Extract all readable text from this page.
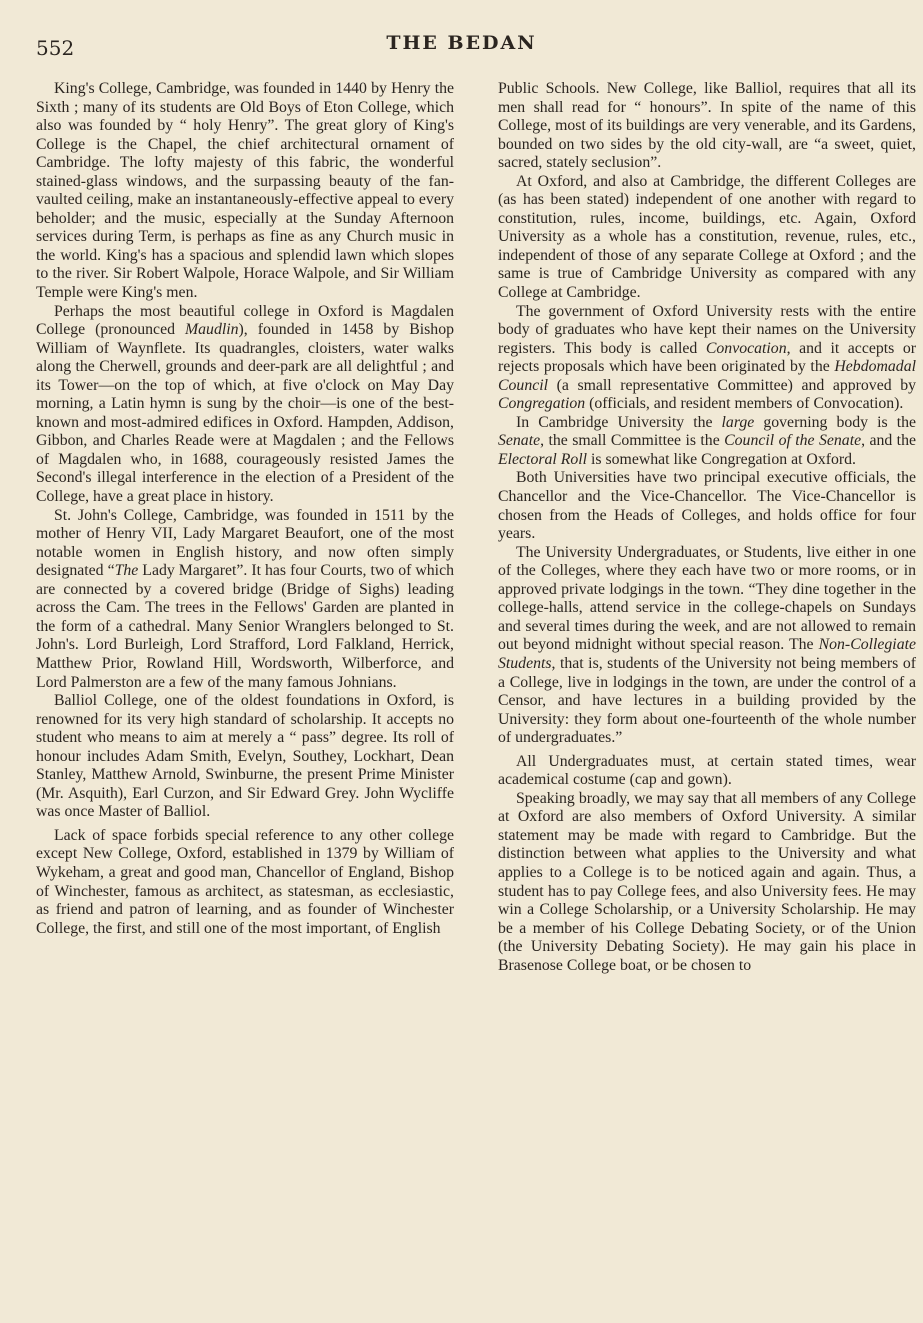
552	THE BEDAN

King's College, Cambridge, was founded in 1440 by Henry the Sixth ; many of its students are Old Boys of Eton College, which also was founded by “ holy Henry”. The great glory of King's College is the Chapel, the chief architectural ornament of Cambridge. The lofty majesty of this fabric, the wonderful stained-glass windows, and the surpassing beauty of the fan-vaulted ceiling, make an instantaneously-effective appeal to every beholder; and the music, especially at the Sunday Afternoon services during Term, is perhaps as fine as any Church music in the world. King's has a spacious and splendid lawn which slopes to the river. Sir Robert Walpole, Horace Walpole, and Sir William Temple were King's men.

Perhaps the most beautiful college in Oxford is Magdalen College (pronounced Maudlin), founded in 1458 by Bishop William of Waynflete. Its quadrangles, cloisters, water walks along the Cherwell, grounds and deer-park are all delightful ; and its Tower—on the top of which, at five o'clock on May Day morning, a Latin hymn is sung by the choir—is one of the best-known and most-admired edifices in Oxford. Hampden, Addison, Gibbon, and Charles Reade were at Magdalen ; and the Fellows of Magdalen who, in 1688, courageously resisted James the Second's illegal interference in the election of a President of the College, have a great place in history.

St. John's College, Cambridge, was founded in 1511 by the mother of Henry VII, Lady Margaret Beaufort, one of the most notable women in English history, and now often simply designated “The Lady Margaret”. It has four Courts, two of which are connected by a covered bridge (Bridge of Sighs) leading across the Cam. The trees in the Fellows' Garden are planted in the form of a cathedral. Many Senior Wranglers belonged to St. John's. Lord Burleigh, Lord Strafford, Lord Falkland, Herrick, Matthew Prior, Rowland Hill, Wordsworth, Wilberforce, and Lord Palmerston are a few of the many famous Johnians.

Balliol College, one of the oldest foundations in Oxford, is renowned for its very high standard of scholarship. It accepts no student who means to aim at merely a “ pass” degree. Its roll of honour includes Adam Smith, Evelyn, Southey, Lockhart, Dean Stanley, Matthew Arnold, Swinburne, the present Prime Minister (Mr. Asquith), Earl Curzon, and Sir Edward Grey. John Wycliffe was once Master of Balliol.

Lack of space forbids special reference to any other college except New College, Oxford, established in 1379 by William of Wykeham, a great and good man, Chancellor of England, Bishop of Winchester, famous as architect, as statesman, as ecclesiastic, as friend and patron of learning, and as founder of Winchester College, the first, and still one of the most important, of English

Public Schools. New College, like Balliol, requires that all its men shall read for “ honours”. In spite of the name of this College, most of its buildings are very venerable, and its Gardens, bounded on two sides by the old city-wall, are “a sweet, quiet, sacred, stately seclusion”.

At Oxford, and also at Cambridge, the different Colleges are (as has been stated) independent of one another with regard to constitution, rules, income, buildings, etc. Again, Oxford University as a whole has a constitution, revenue, rules, etc., independent of those of any separate College at Oxford ; and the same is true of Cambridge University as compared with any College at Cambridge.

The government of Oxford University rests with the entire body of graduates who have kept their names on the University registers. This body is called Convocation, and it accepts or rejects proposals which have been originated by the Hebdomadal Council (a small representative Committee) and approved by Congregation (officials, and resident members of Convocation).

In Cambridge University the large governing body is the Senate, the small Committee is the Council of the Senate, and the Electoral Roll is somewhat like Congregation at Oxford.

Both Universities have two principal executive officials, the Chancellor and the Vice-Chancellor. The Vice-Chancellor is chosen from the Heads of Colleges, and holds office for four years.

The University Undergraduates, or Students, live either in one of the Colleges, where they each have two or more rooms, or in approved private lodgings in the town. “They dine together in the college-halls, attend service in the college-chapels on Sundays and several times during the week, and are not allowed to remain out beyond midnight without special reason. The Non-Collegiate Students, that is, students of the University not being members of a College, live in lodgings in the town, are under the control of a Censor, and have lectures in a building provided by the University: they form about one-fourteenth of the whole number of undergraduates.”

All Undergraduates must, at certain stated times, wear academical costume (cap and gown).

Speaking broadly, we may say that all members of any College at Oxford are also members of Oxford University. A similar statement may be made with regard to Cambridge. But the distinction between what applies to the University and what applies to a College is to be noticed again and again. Thus, a student has to pay College fees, and also University fees. He may win a College Scholarship, or a University Scholarship. He may be a member of his College Debating Society, or of the Union (the University Debating Society). He may gain his place in Brasenose College boat, or be chosen to
